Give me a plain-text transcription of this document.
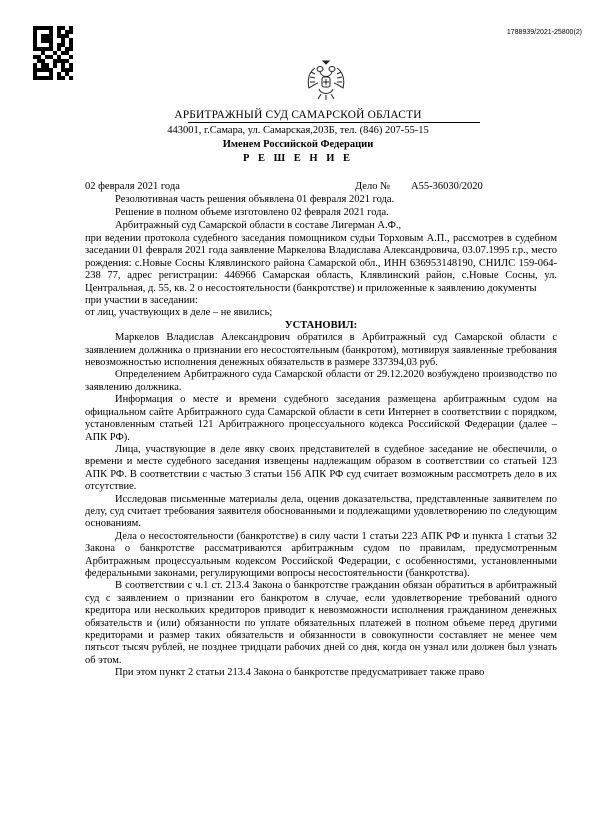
1788939/2021-25800(2)
АРБИТРАЖНЫЙ СУД САМАРСКОЙ ОБЛАСТИ
443001, г.Самара, ул. Самарская,203Б, тел. (846) 207-55-15
Именем Российской Федерации
Р Е Ш Е Н И Е
02 февраля 2021 года	Дело № А55-36030/2020
Резолютивная часть решения объявлена 01 февраля 2021 года.
Решение в полном объеме изготовлено 02 февраля 2021 года.
Арбитражный суд Самарской области в составе Лигерман А.Ф.,

при ведении протокола судебного заседания помощником судьи Торховым А.П., рассмотрев в судебном заседании 01 февраля 2021 года заявление Маркелова Владислава Александровича, 03.07.1995 г.р., место рождения: с.Новые Сосны Клявлинского района Самарской обл., ИНН 636953148190, СНИЛС 159-064-238 77, адрес регистрации: 446966 Самарская область, Клявлинский район, с.Новые Сосны, ул. Центральная, д. 55, кв. 2 о несостоятельности (банкротстве) и приложенные к заявлению документы

при участии в заседании:

от лиц, участвующих в деле – не явились;

УСТАНОВИЛ:

Маркелов Владислав Александрович обратился в Арбитражный суд Самарской области с заявлением должника о признании его несостоятельным (банкротом), мотивируя заявленные требования невозможностью исполнения денежных обязательств в размере 337394,03 руб.

Определением Арбитражного суда Самарской области от 29.12.2020 возбуждено производство по заявлению должника.

Информация о месте и времени судебного заседания размещена арбитражным судом на официальном сайте Арбитражного суда Самарской области в сети Интернет в соответствии с порядком, установленным статьей 121 Арбитражного процессуального кодекса Российской Федерации (далее – АПК РФ).

Лица, участвующие в деле явку своих представителей в судебное заседание не обеспечили, о времени и месте судебного заседания извещены надлежащим образом в соответствии со статьей 123 АПК РФ. В соответствии с частью 3 статьи 156 АПК РФ суд считает возможным рассмотреть дело в их отсутствие.

Исследовав письменные материалы дела, оценив доказательства, представленные заявителем по делу, суд считает требования заявителя обоснованными и подлежащими удовлетворению по следующим основаниям.

Дела о несостоятельности (банкротстве) в силу части 1 статьи 223 АПК РФ и пункта 1 статьи 32 Закона о банкротстве рассматриваются арбитражным судом по правилам, предусмотренным Арбитражным процессуальным кодексом Российской Федерации, с особенностями, установленными федеральными законами, регулирующими вопросы несостоятельности (банкротства).

В соответствии с ч.1 ст. 213.4 Закона о банкротстве гражданин обязан обратиться в арбитражный суд с заявлением о признании его банкротом в случае, если удовлетворение требований одного кредитора или нескольких кредиторов приводит к невозможности исполнения гражданином денежных обязательств и (или) обязанности по уплате обязательных платежей в полном объеме перед другими кредиторами и размер таких обязательств и обязанности в совокупности составляет не менее чем пятьсот тысяч рублей, не позднее тридцати рабочих дней со дня, когда он узнал или должен был узнать об этом.

При этом пункт 2 статьи 213.4 Закона о банкротстве предусматривает также право
